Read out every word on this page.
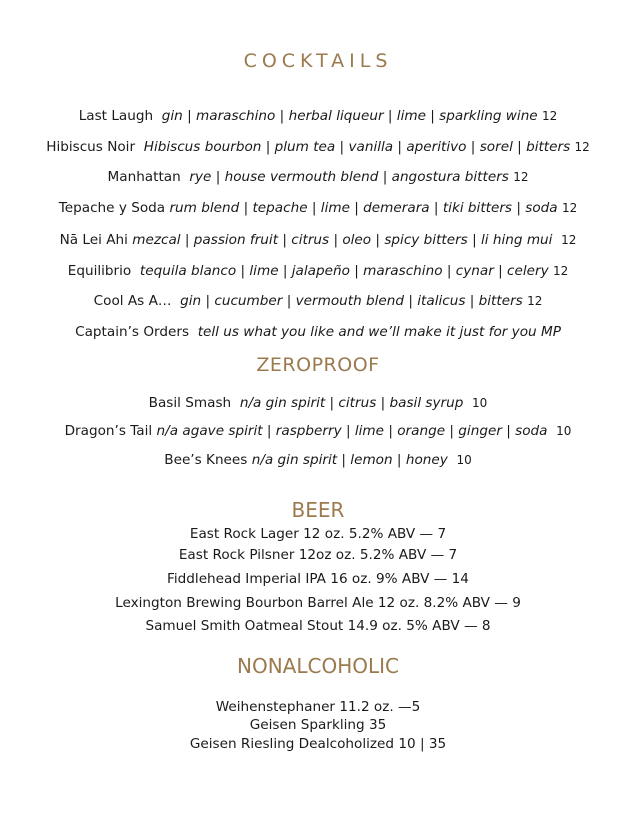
COCKTAILS
Last Laugh gin | maraschino | herbal liqueur | lime | sparkling wine 12
Hibiscus Noir Hibiscus bourbon | plum tea | vanilla | aperitivo | sorel | bitters 12
Manhattan rye | house vermouth blend | angostura bitters 12
Tepache y Soda rum blend | tepache | lime | demerara | tiki bitters | soda 12
Nā Lei Ahi mezcal | passion fruit | citrus | oleo | spicy bitters | li hing mui 12
Equilibrio tequila blanco | lime | jalapeño | maraschino | cynar | celery 12
Cool As A… gin | cucumber | vermouth blend | italicus | bitters 12
Captain’s Orders tell us what you like and we’ll make it just for you MP
ZEROPROOF
Basil Smash n/a gin spirit | citrus | basil syrup 10
Dragon’s Tail n/a agave spirit | raspberry | lime | orange | ginger | soda 10
Bee’s Knees n/a gin spirit | lemon | honey 10
BEER
East Rock Lager 12 oz. 5.2% ABV — 7
East Rock Pilsner 12oz oz. 5.2% ABV — 7
Fiddlehead Imperial IPA 16 oz. 9% ABV — 14
Lexington Brewing Bourbon Barrel Ale 12 oz. 8.2% ABV — 9
Samuel Smith Oatmeal Stout 14.9 oz. 5% ABV — 8
NONALCOHOLIC
Weihenstephaner 11.2 oz. —5
Geisen Sparkling 35
Geisen Riesling Dealcoholized 10 | 35
